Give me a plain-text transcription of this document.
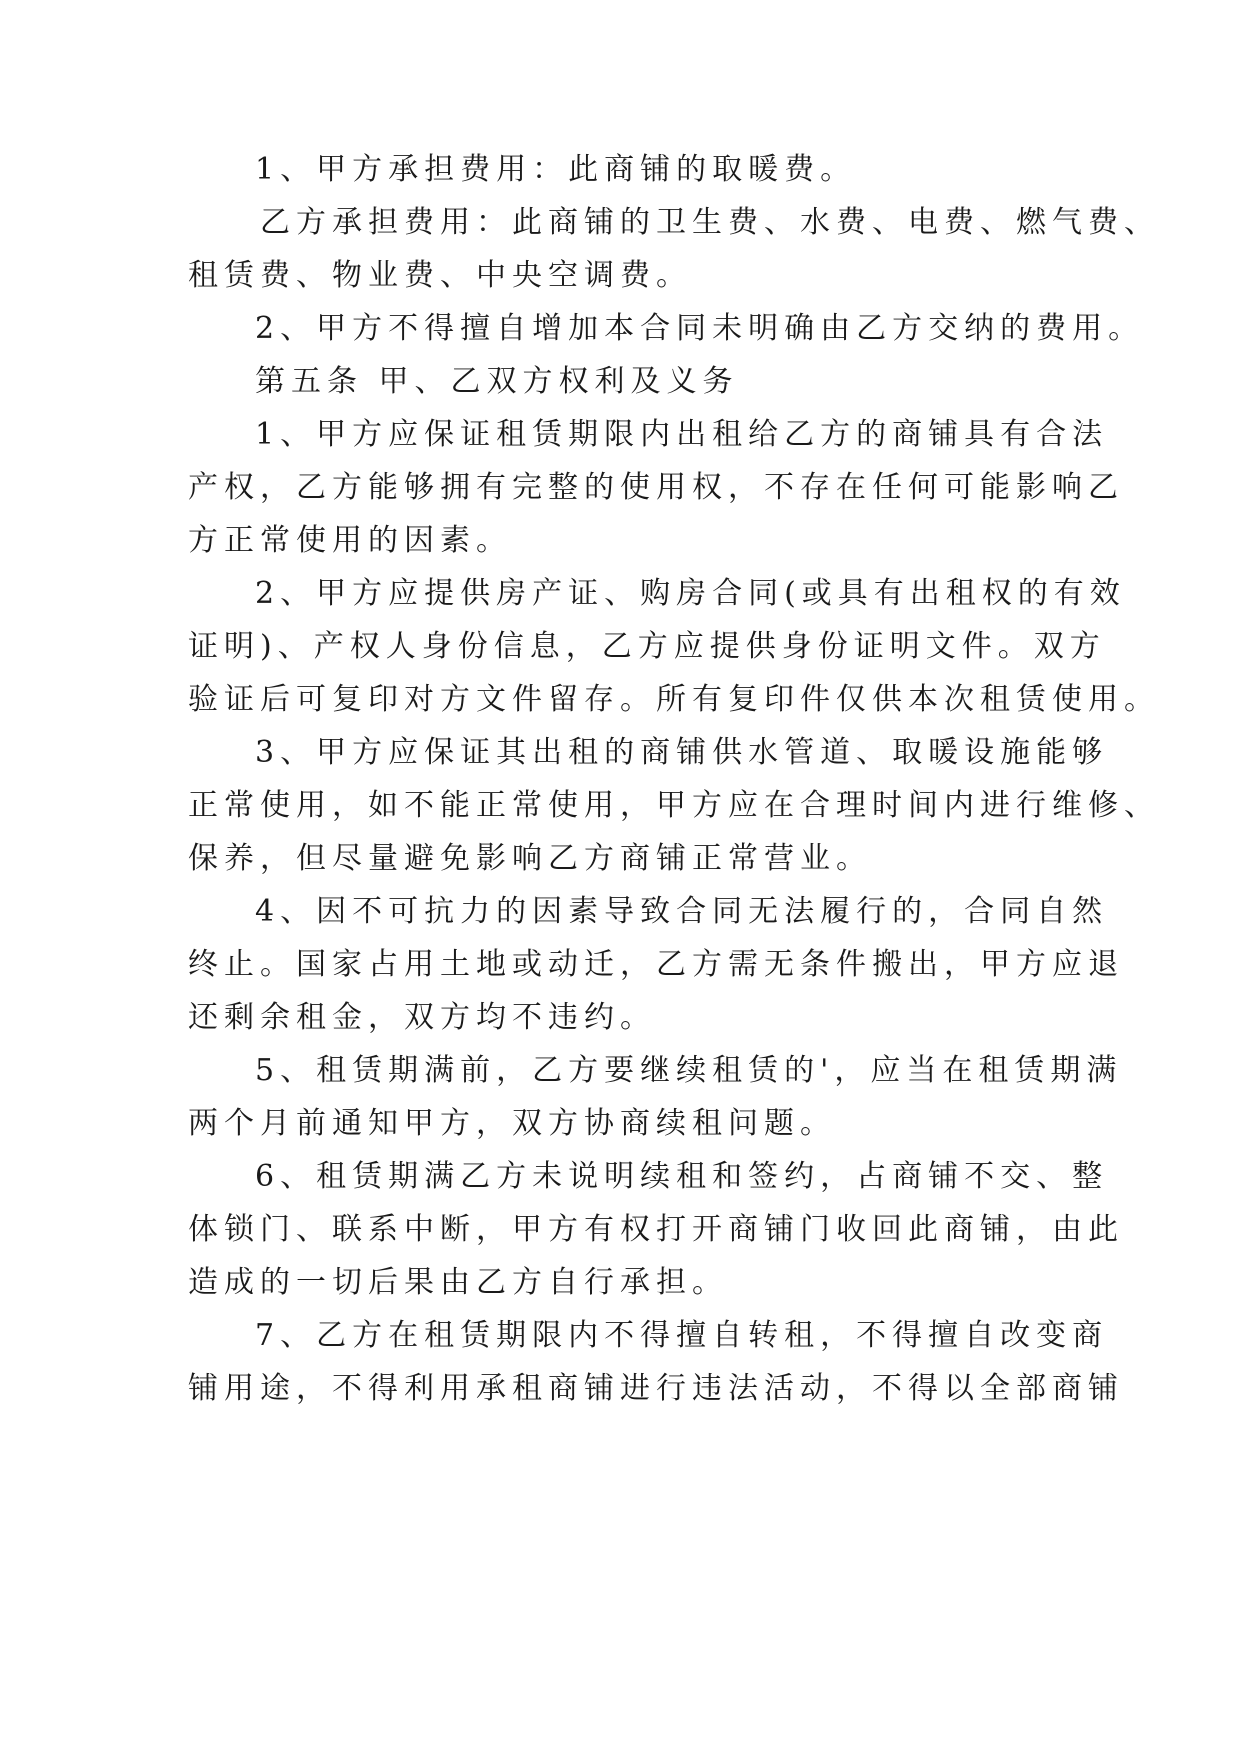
1、甲方承担费用：此商铺的取暖费。
乙方承担费用：此商铺的卫生费、水费、电费、燃气费、
租赁费、物业费、中央空调费。
2、甲方不得擅自增加本合同未明确由乙方交纳的费用。
第五条 甲、乙双方权利及义务
1、甲方应保证租赁期限内出租给乙方的商铺具有合法
产权，乙方能够拥有完整的使用权，不存在任何可能影响乙
方正常使用的因素。
2、甲方应提供房产证、购房合同(或具有出租权的有效
证明)、产权人身份信息，乙方应提供身份证明文件。双方
验证后可复印对方文件留存。所有复印件仅供本次租赁使用。
3、甲方应保证其出租的商铺供水管道、取暖设施能够
正常使用，如不能正常使用，甲方应在合理时间内进行维修、
保养，但尽量避免影响乙方商铺正常营业。
4、因不可抗力的因素导致合同无法履行的，合同自然
终止。国家占用土地或动迁，乙方需无条件搬出，甲方应退
还剩余租金，双方均不违约。
5、租赁期满前，乙方要继续租赁的'，应当在租赁期满
两个月前通知甲方，双方协商续租问题。
6、租赁期满乙方未说明续租和签约，占商铺不交、整
体锁门、联系中断，甲方有权打开商铺门收回此商铺，由此
造成的一切后果由乙方自行承担。
7、乙方在租赁期限内不得擅自转租，不得擅自改变商
铺用途，不得利用承租商铺进行违法活动，不得以全部商铺
